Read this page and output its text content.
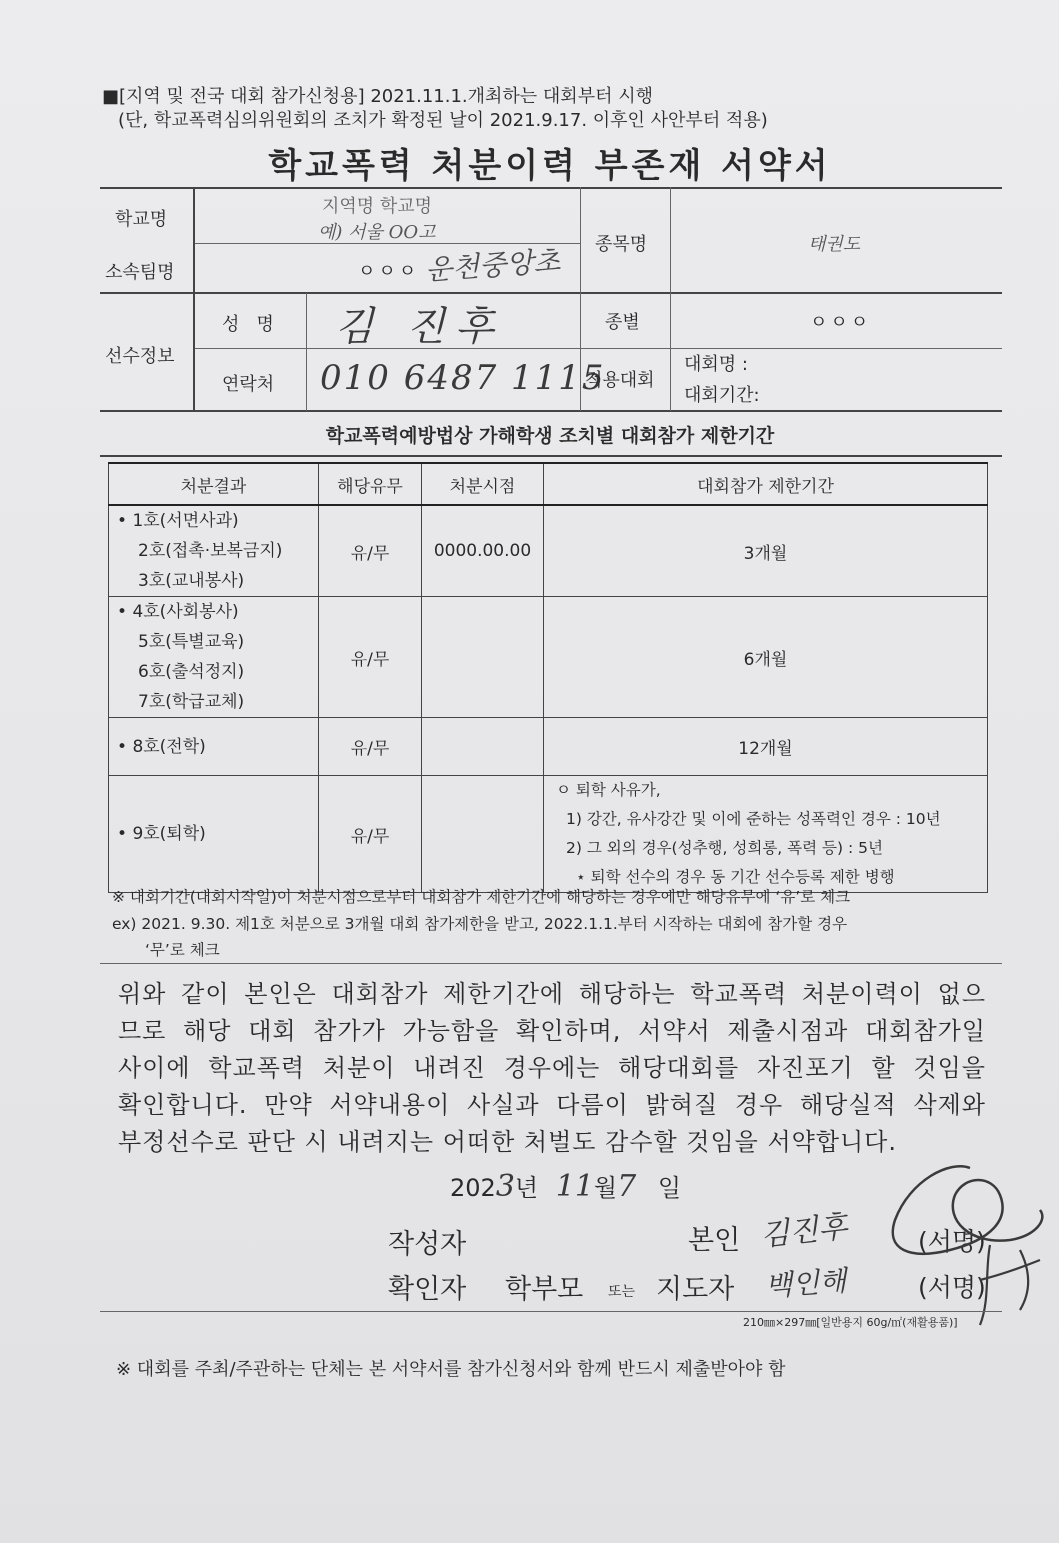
■[지역 및 전국 대회 참가신청용] 2021.11.1.개최하는 대회부터 시행
(단, 학교폭력심의위원회의 조치가 확정된 날이 2021.9.17. 이후인 사안부터 적용)
학교폭력 처분이력 부존재 서약서
학교명
지역명 학교명
예) 서울 OO고
소속팀명	ㅇㅇㅇ 운천중앙초 종목명	태권도
선수정보
성   명 김 진후
연락처 010 6487 1115
종별	ㅇㅇㅇ
적용대회
대회명 :
대회기간:
학교폭력예방법상 가해학생 조치별 대회참가 제한기간
처분결과	해당유무	처분시점	대회참가 제한기간

• 1호(서면사과)
2호(접촉·보복금지)
3호(교내봉사)	유/무	0000.00.00	3개월

• 4호(사회봉사)
5호(특별교육)
6호(출석정지)
7호(학급교체)	유/무		6개월

• 8호(전학)	유/무		12개월

• 9호(퇴학)	유/무		ㅇ 퇴학 사유가,
1) 강간, 유사강간 및 이에 준하는 성폭력인 경우 : 10년
2) 그 외의 경우(성추행, 성희롱, 폭력 등) : 5년
⋆ 퇴학 선수의 경우 동 기간 선수등록 제한 병행
※ 대회기간(대회시작일)이 처분시점으로부터 대회참가 제한기간에 해당하는 경우에만 해당유무에 ‘유’로 체크
ex) 2021. 9.30. 제1호 처분으로 3개월 대회 참가제한을 받고, 2022.1.1.부터 시작하는 대회에 참가할 경우
‘무’로 체크
위와 같이 본인은 대회참가 제한기간에 해당하는 학교폭력 처분이력이 없으
므로 해당 대회 참가가 가능함을 확인하며, 서약서 제출시점과 대회참가일
사이에 학교폭력 처분이 내려진 경우에는 해당대회를 자진포기 할 것임을
확인합니다. 만약 서약내용이 사실과 다름이 밝혀질 경우 해당실적 삭제와
부정선수로 판단 시 내려지는 어떠한 처벌도 감수할 것임을 서약합니다.
2023년 11월7 일
작성자	본인 김진후	(서명)
확인자 학부모 또는 지도자 백인해	(서명)
210㎜×297㎜[일반용지 60g/㎡(재활용품)]
※ 대회를 주최/주관하는 단체는 본 서약서를 참가신청서와 함께 반드시 제출받아야 함
